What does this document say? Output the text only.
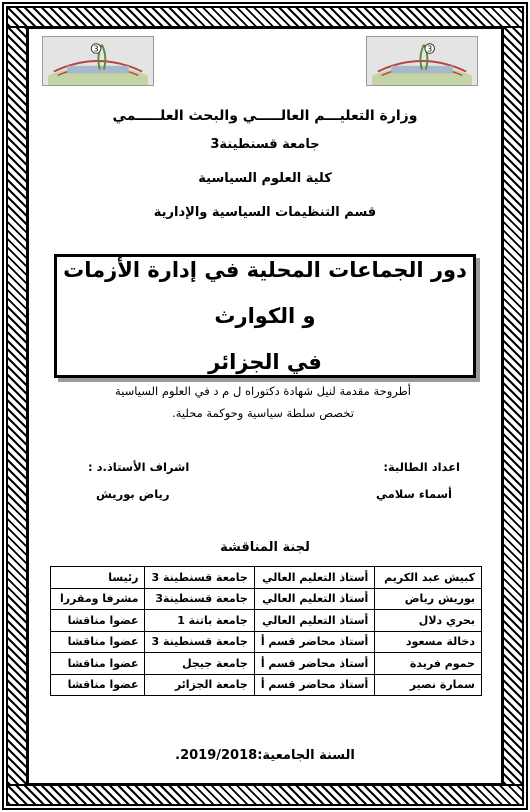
3	3
وزارة التعليـــم العالـــــي والبحث العلـــــمي
جامعة قسنطينة3
كلية العلوم السياسية
قسم التنظيمات السياسية والإدارية
دور الجماعات المحلية في إدارة الأزمات و الكوارث
في الجزائر
أطروحة مقدمة لنيل شهادة دكتوراه ل م د في العلوم السياسية
تخصص سلطة سياسية وحوكمة محلية.
اعداد الطالبة:
أسماء سلامي
اشراف الأستاذ.د :
رياض بوريش
لجنة المناقشة
كبيش عبد الكريم	أستاذ التعليم العالي	جامعة قسنطينة 3	رئيسا
بوريش رياض	أستاذ التعليم العالي	جامعة قسنطينة3	مشرفا ومقررا
بحري دلال	أستاذ التعليم العالي	جامعة باتنة 1	عضوا مناقشا
دخالة مسعود	أستاذ محاضر قسم أ	جامعة قسنطينة 3	عضوا مناقشا
حموم فريدة	أستاذ محاضر قسم أ	جامعة جيجل	عضوا مناقشا
سمارة نصير	أستاذ محاضر قسم أ	جامعة الجزائر	عضوا مناقشا
السنة الجامعية:2019/2018.
